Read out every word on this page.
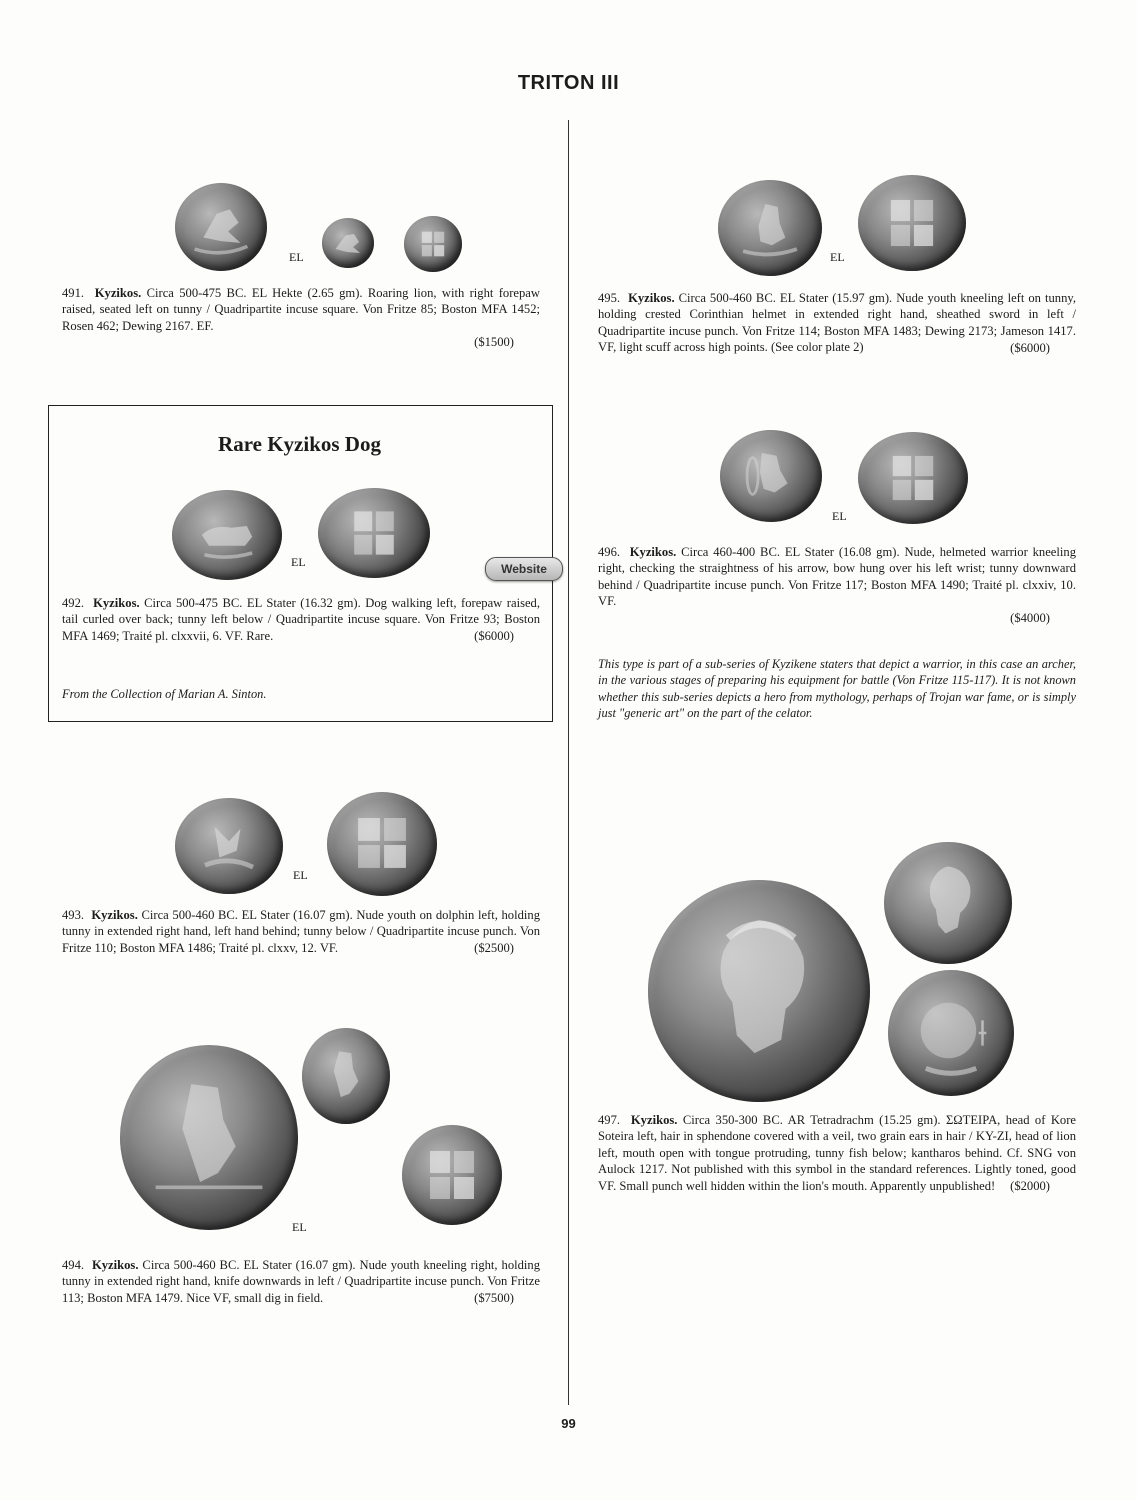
TRITON III
EL
491. Kyzikos. Circa 500-475 BC. EL Hekte (2.65 gm). Roaring lion, with right forepaw raised, seated left on tunny / Quadripartite incuse square. Von Fritze 85; Boston MFA 1452; Rosen 462; Dewing 2167. EF.
($1500)
Rare Kyzikos Dog
EL	Website
492. Kyzikos. Circa 500-475 BC. EL Stater (16.32 gm). Dog walking left, forepaw raised, tail curled over back; tunny left below / Quadripartite incuse square. Von Fritze 93; Boston MFA 1469; Traité pl. clxxvii, 6. VF. Rare.	($6000)
From the Collection of Marian A. Sinton.
EL
493. Kyzikos. Circa 500-460 BC. EL Stater (16.07 gm). Nude youth on dolphin left, holding tunny in extended right hand, left hand behind; tunny below / Quadripartite incuse punch. Von Fritze 110; Boston MFA 1486; Traité pl. clxxv, 12. VF.	($2500)
EL
494. Kyzikos. Circa 500-460 BC. EL Stater (16.07 gm). Nude youth kneeling right, holding tunny in extended right hand, knife downwards in left / Quadripartite incuse punch. Von Fritze 113; Boston MFA 1479. Nice VF, small dig in field.	($7500)
EL
495. Kyzikos. Circa 500-460 BC. EL Stater (15.97 gm). Nude youth kneeling left on tunny, holding crested Corinthian helmet in extended right hand, sheathed sword in left / Quadripartite incuse punch. Von Fritze 114; Boston MFA 1483; Dewing 2173; Jameson 1417. VF, light scuff across high points. (See color plate 2)	($6000)
EL
496. Kyzikos. Circa 460-400 BC. EL Stater (16.08 gm). Nude, helmeted warrior kneeling right, checking the straightness of his arrow, bow hung over his left wrist; tunny downward behind / Quadripartite incuse punch. Von Fritze 117; Boston MFA 1490; Traité pl. clxxiv, 10. VF.
($4000)
This type is part of a sub-series of Kyzikene staters that depict a warrior, in this case an archer, in the various stages of preparing his equipment for battle (Von Fritze 115-117). It is not known whether this sub-series depicts a hero from mythology, perhaps of Trojan war fame, or is simply just "generic art" on the part of the celator.
497. Kyzikos. Circa 350-300 BC. AR Tetradrachm (15.25 gm). ΣΩΤΕΙΡΑ, head of Kore Soteira left, hair in sphendone covered with a veil, two grain ears in hair / KY-ZI, head of lion left, mouth open with tongue protruding, tunny fish below; kantharos behind. Cf. SNG von Aulock 1217. Not published with this symbol in the standard references. Lightly toned, good VF. Small punch well hidden within the lion's mouth. Apparently unpublished!	($2000)
99
